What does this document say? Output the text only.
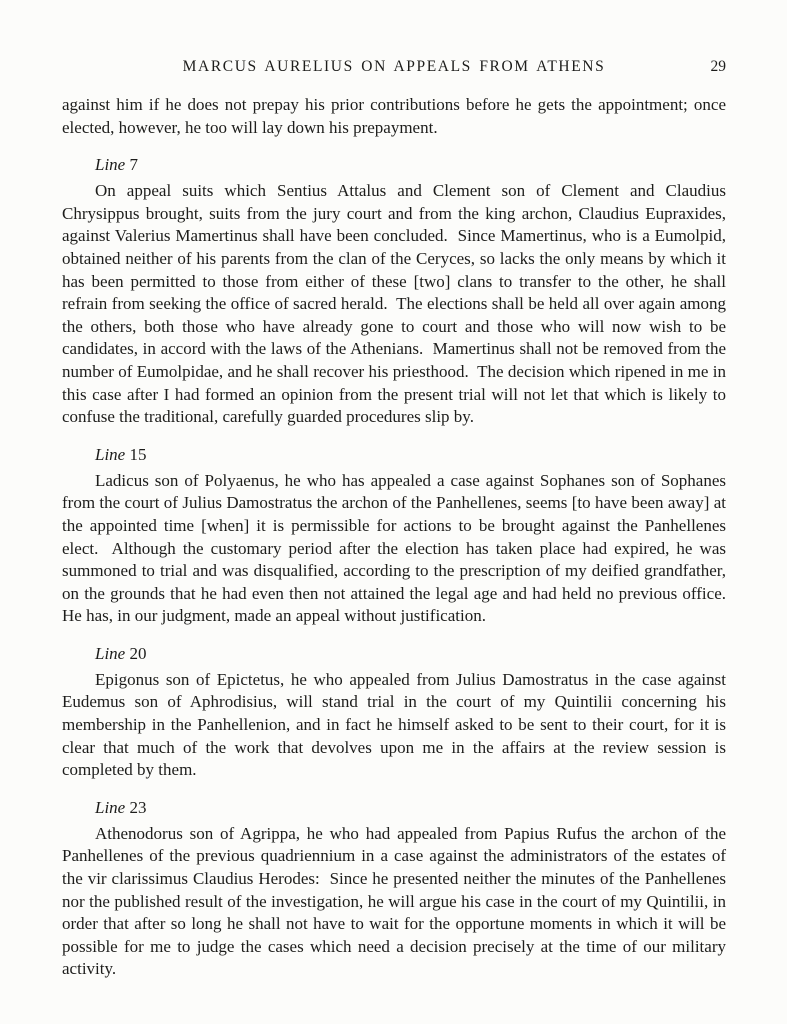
MARCUS AURELIUS ON APPEALS FROM ATHENS	29

against him if he does not prepay his prior contributions before he gets the appointment; once elected, however, he too will lay down his prepayment.

Line 7

On appeal suits which Sentius Attalus and Clement son of Clement and Claudius Chrysippus brought, suits from the jury court and from the king archon, Claudius Eupraxides, against Valerius Mamertinus shall have been concluded.  Since Mamertinus, who is a Eumolpid, obtained neither of his parents from the clan of the Ceryces, so lacks the only means by which it has been permitted to those from either of these [two] clans to transfer to the other, he shall refrain from seeking the office of sacred herald.  The elections shall be held all over again among the others, both those who have already gone to court and those who will now wish to be candidates, in accord with the laws of the Athenians.  Mamertinus shall not be removed from the number of Eumolpidae, and he shall recover his priesthood.  The decision which ripened in me in this case after I had formed an opinion from the present trial will not let that which is likely to confuse the traditional, carefully guarded procedures slip by.

Line 15

Ladicus son of Polyaenus, he who has appealed a case against Sophanes son of Sophanes from the court of Julius Damostratus the archon of the Panhellenes, seems [to have been away] at the appointed time [when] it is permissible for actions to be brought against the Panhellenes elect.  Although the customary period after the election has taken place had expired, he was summoned to trial and was disqualified, according to the prescription of my deified grandfather, on the grounds that he had even then not attained the legal age and had held no previous office.  He has, in our judgment, made an appeal without justification.

Line 20

Epigonus son of Epictetus, he who appealed from Julius Damostratus in the case against Eudemus son of Aphrodisius, will stand trial in the court of my Quintilii concerning his membership in the Panhellenion, and in fact he himself asked to be sent to their court, for it is clear that much of the work that devolves upon me in the affairs at the review session is completed by them.

Line 23

Athenodorus son of Agrippa, he who had appealed from Papius Rufus the archon of the Panhellenes of the previous quadriennium in a case against the administrators of the estates of the vir clarissimus Claudius Herodes:  Since he presented neither the minutes of the Panhellenes nor the published result of the investigation, he will argue his case in the court of my Quintilii, in order that after so long he shall not have to wait for the opportune moments in which it will be possible for me to judge the cases which need a decision precisely at the time of our military activity.
